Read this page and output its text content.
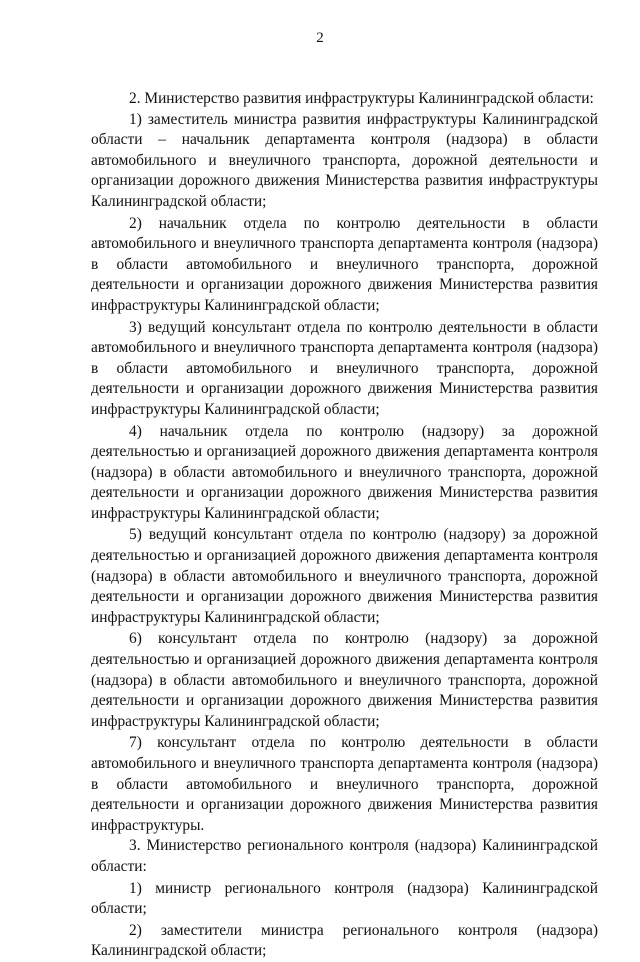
2

2. Министерство развития инфраструктуры Калининградской области:

1) заместитель министра развития инфраструктуры Калининградской области – начальник департамента контроля (надзора) в области автомобильного и внеуличного транспорта, дорожной деятельности и организации дорожного движения Министерства развития инфраструктуры Калининградской области;

2) начальник отдела по контролю деятельности в области автомобильного и внеуличного транспорта департамента контроля (надзора) в области автомобильного и внеуличного транспорта, дорожной деятельности и организации дорожного движения Министерства развития инфраструктуры Калининградской области;

3) ведущий консультант отдела по контролю деятельности в области автомобильного и внеуличного транспорта департамента контроля (надзора) в области автомобильного и внеуличного транспорта, дорожной деятельности и организации дорожного движения Министерства развития инфраструктуры Калининградской области;

4) начальник отдела по контролю (надзору) за дорожной деятельностью и организацией дорожного движения департамента контроля (надзора) в области автомобильного и внеуличного транспорта, дорожной деятельности и организации дорожного движения Министерства развития инфраструктуры Калининградской области;

5) ведущий консультант отдела по контролю (надзору) за дорожной деятельностью и организацией дорожного движения департамента контроля (надзора) в области автомобильного и внеуличного транспорта, дорожной деятельности и организации дорожного движения Министерства развития инфраструктуры Калининградской области;

6) консультант отдела по контролю (надзору) за дорожной деятельностью и организацией дорожного движения департамента контроля (надзора) в области автомобильного и внеуличного транспорта, дорожной деятельности и организации дорожного движения Министерства развития инфраструктуры Калининградской области;

7) консультант отдела по контролю деятельности в области автомобильного и внеуличного транспорта департамента контроля (надзора) в области автомобильного и внеуличного транспорта, дорожной деятельности и организации дорожного движения Министерства развития инфраструктуры.

3. Министерство регионального контроля (надзора) Калининградской области:

1) министр регионального контроля (надзора) Калининградской области;

2) заместители министра регионального контроля (надзора) Калининградской области;
